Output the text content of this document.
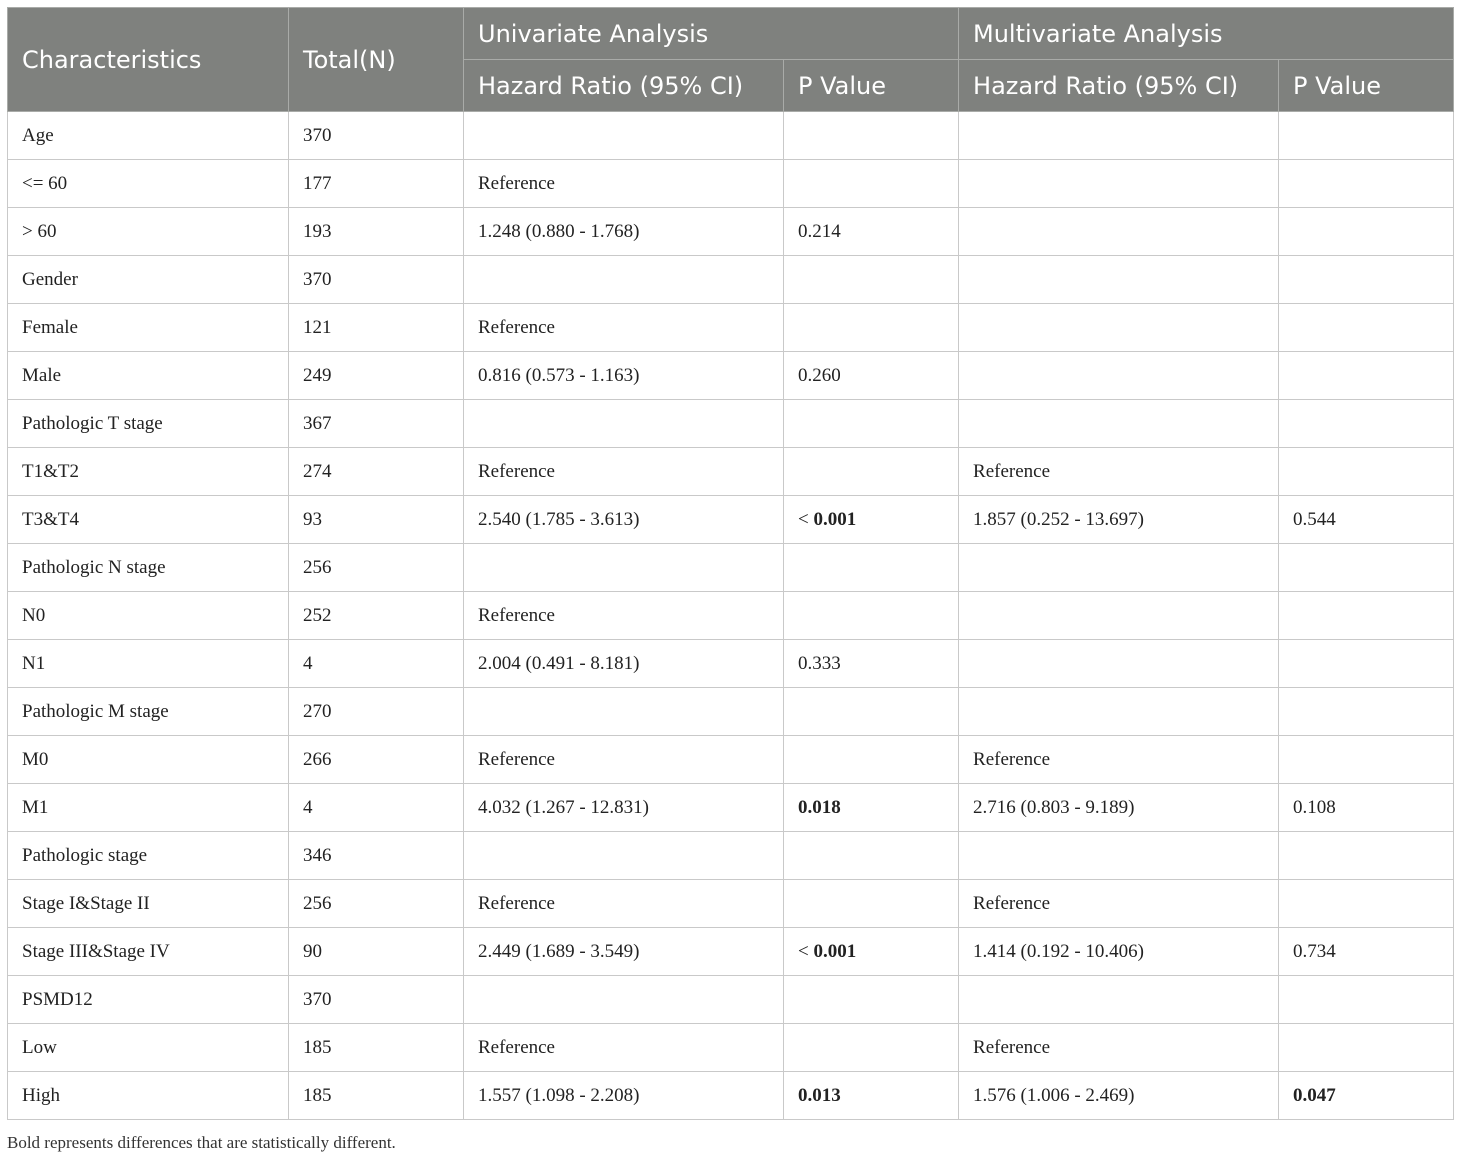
Characteristics	Total(N)	Univariate Analysis		Multivariate Analysis	
		Hazard Ratio (95% CI)	P Value	Hazard Ratio (95% CI)	P Value
Age	370				
<= 60	177	Reference			
> 60	193	1.248 (0.880 - 1.768)	0.214		
Gender	370				
Female	121	Reference			
Male	249	0.816 (0.573 - 1.163)	0.260		
Pathologic T stage	367				
T1&T2	274	Reference		Reference	
T3&T4	93	2.540 (1.785 - 3.613)	< 0.001	1.857 (0.252 - 13.697)	0.544
Pathologic N stage	256				
N0	252	Reference			
N1	4	2.004 (0.491 - 8.181)	0.333		
Pathologic M stage	270				
M0	266	Reference		Reference	
M1	4	4.032 (1.267 - 12.831)	0.018	2.716 (0.803 - 9.189)	0.108
Pathologic stage	346				
Stage I&Stage II	256	Reference		Reference	
Stage III&Stage IV	90	2.449 (1.689 - 3.549)	< 0.001	1.414 (0.192 - 10.406)	0.734
PSMD12	370				
Low	185	Reference		Reference	
High	185	1.557 (1.098 - 2.208)	0.013	1.576 (1.006 - 2.469)	0.047
Bold represents differences that are statistically different.
